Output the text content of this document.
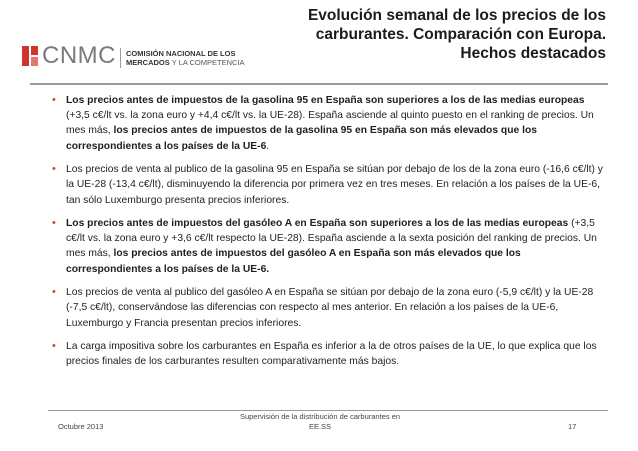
CNMC COMISIÓN NACIONAL DE LOS
MERCADOS Y LA COMPETENCIA
Evolución semanal de los precios de los
carburantes. Comparación con Europa.
Hechos destacados
• Los precios antes de impuestos de la gasolina 95 en España son superiores a los de las medias europeas (+3,5 c€/lt vs. la zona euro y +4,4 c€/lt vs. la UE-28). España asciende al quinto puesto en el ranking de precios. Un mes más, los precios antes de impuestos de la gasolina 95 en España son más elevados que los correspondientes a los países de la UE-6.
• Los precios de venta al publico de la gasolina 95 en España se sitúan por debajo de los de la zona euro (-16,6 c€/lt) y la UE-28 (-13,4 c€/lt), disminuyendo la diferencia por primera vez en tres meses. En relación a los países de la UE-6, tan sólo Luxemburgo presenta precios inferiores.
• Los precios antes de impuestos del gasóleo A en España son superiores a los de las medias europeas (+3,5 c€/lt vs. la zona euro y +3,6 c€/lt respecto la UE-28). España asciende a la sexta posición del ranking de precios. Un mes más, los precios antes de impuestos del gasóleo A en España son más elevados que los correspondientes a los países de la UE-6.
• Los precios de venta al publico del gasóleo A en España se sitúan por debajo de la zona euro (-5,9 c€/lt) y la UE-28 (-7,5 c€/lt), conservándose las diferencias con respecto al mes anterior. En relación a los países de la UE-6, Luxemburgo y Francia presentan precios inferiores.
• La carga impositiva sobre los carburantes en España es inferior a la de otros países de la UE, lo que explica que los precios finales de los carburantes resulten comparativamente más bajos.
Octubre 2013
Supervisión de la distribución de carburantes en
EE.SS	17
